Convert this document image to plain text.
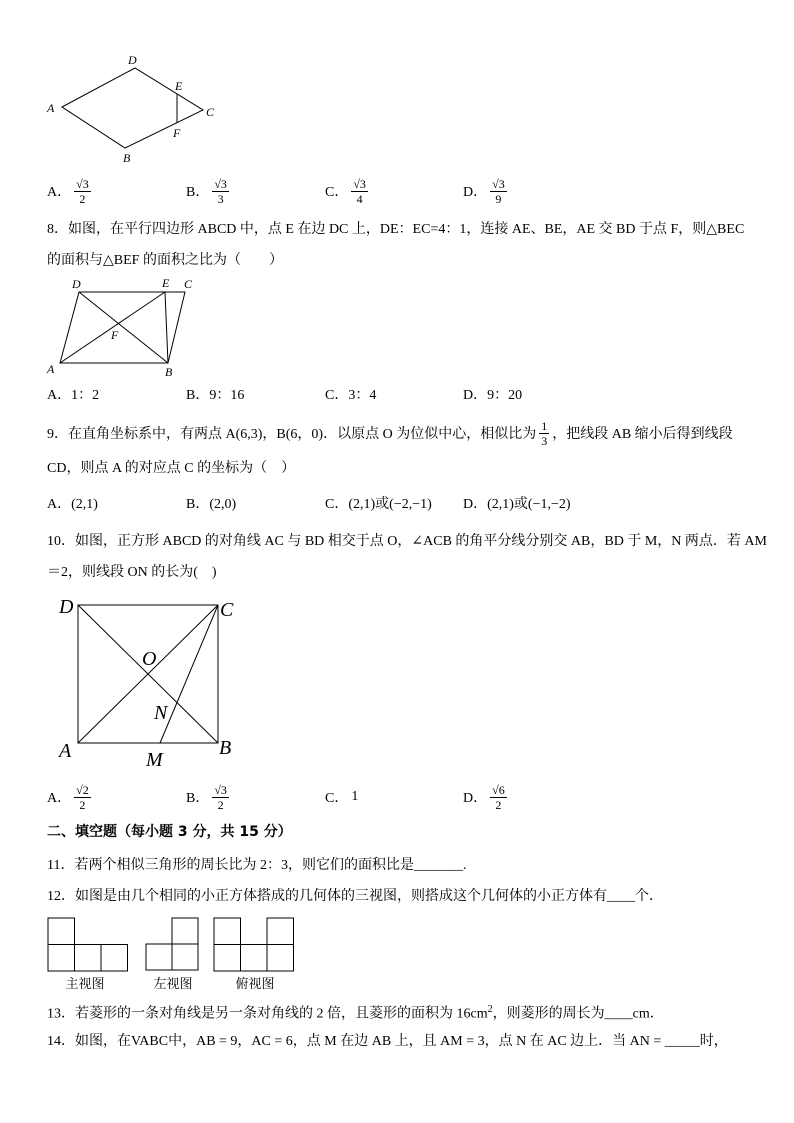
D
A
B
C
E
F
A． $\frac{√3}{2}$	B． $\frac{√3}{3}$	C． $\frac{√3}{4}$	D． $\frac{√3}{9}$
8．如图，在平行四边形 ABCD 中，点 E 在边 DC 上，DE：EC=4：1，连接 AE、BE，AE 交 BD 于点 F，则△BEC
的面积与△BEF 的面积之比为（　　）
D	E C
A	B
F
A．1：2	B．9：16	C．3：4	D．9：20
9．在直角坐标系中，有两点 A(6,3)，B(6，0)．以原点 O 为位似中心，相似比为 $\frac{1}{3}$ ，把线段 AB 缩小后得到线段
CD，则点 A 的对应点 C 的坐标为（　）
A．(2,1)	B．(2,0)	C．(2,1)或(−2,−1) D．(2,1)或(−1,−2)
10．如图，正方形 ABCD 的对角线 AC 与 BD 相交于点 O，∠ACB 的角平分线分别交 AB，BD 于 M，N 两点．若 AM
＝2，则线段 ON 的长为(　)
D	C
O
N
A	M
B
A． $\frac{√2}{2}$	B． $\frac{√3}{2}$	C． 1	D． $\frac{√6}{2}$
二、填空题（每小题 3 分，共 15 分）
11．若两个相似三角形的周长比为 2：3，则它们的面积比是_______.
12．如图是由几个相同的小正方体搭成的几何体的三视图，则搭成这个几何体的小正方体有____个．
主视图	左视图	俯视图
13．若菱形的一条对角线是另一条对角线的 2 倍，且菱形的面积为 $16cm^2$，则菱形的周长为____cm．
14．如图，在VABC中，AB = 9，AC = 6，点 M 在边 AB 上，且 AM = 3，点 N 在 AC 边上．当 AN = _____时，
